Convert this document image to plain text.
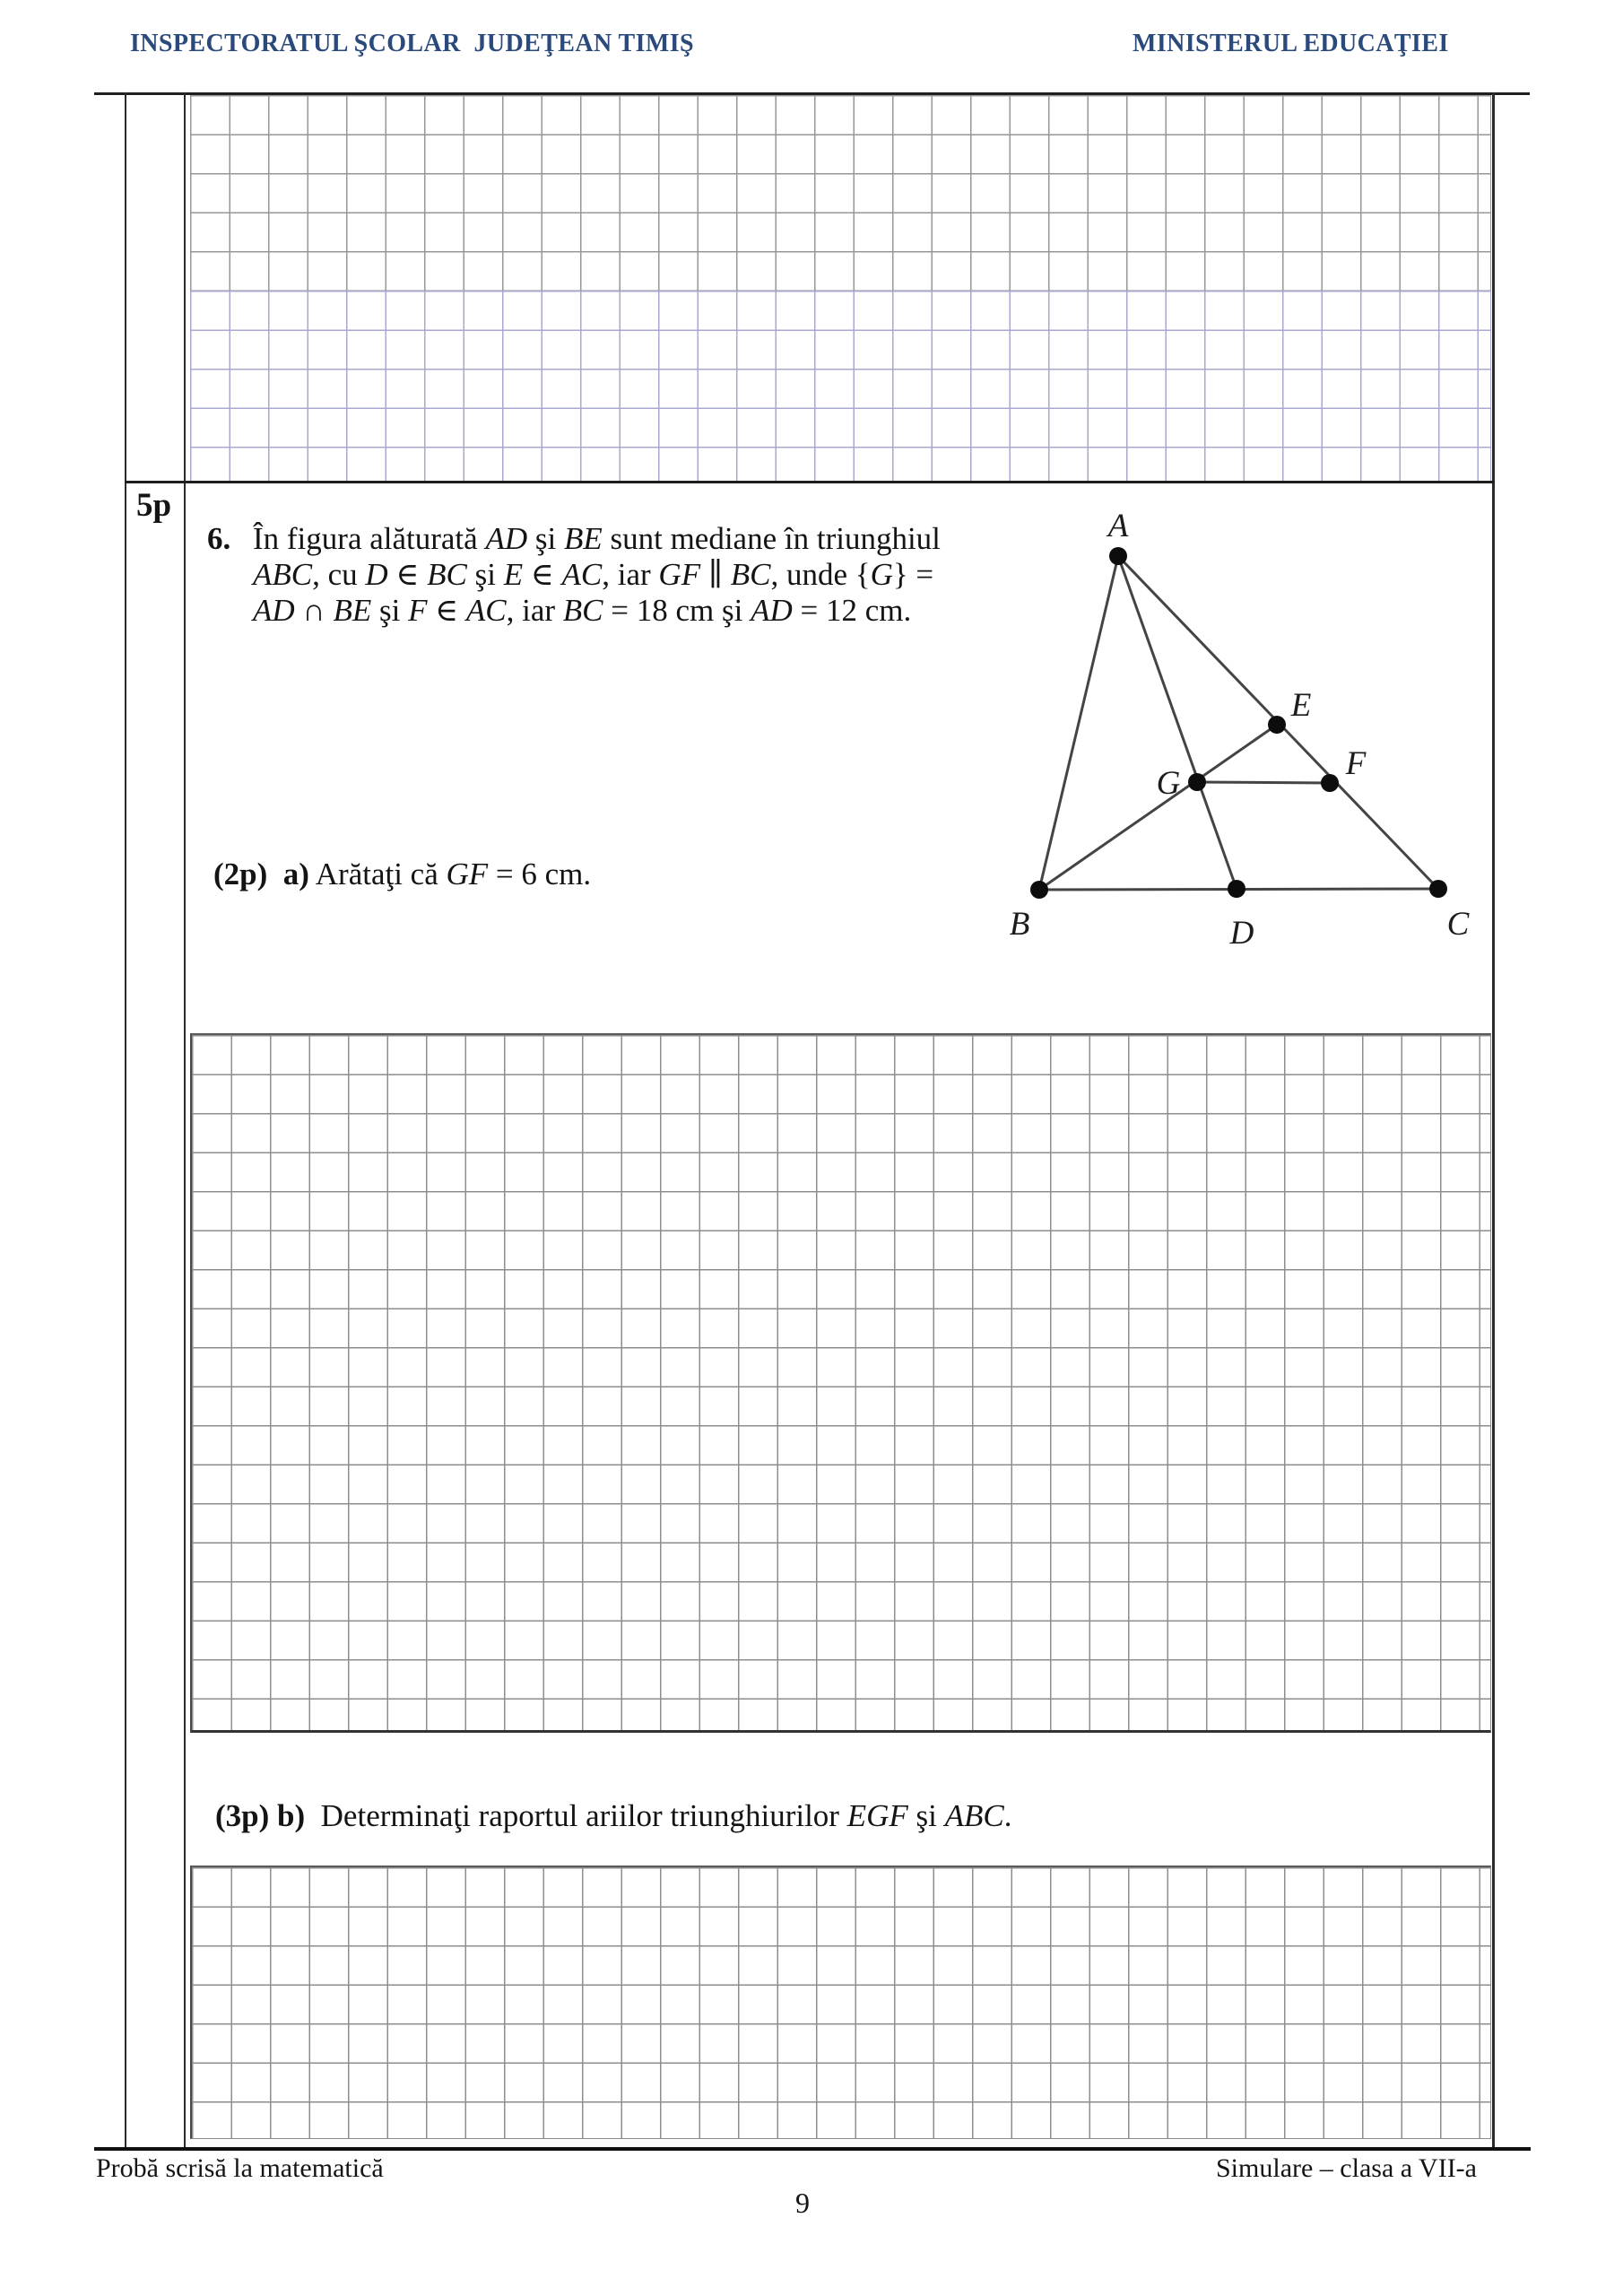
INSPECTORATUL ŞCOLAR  JUDEŢEAN TIMIŞ	MINISTERUL EDUCAŢIEI
5p
6. În figura alăturată AD şi BE sunt mediane în triunghiul
ABC, cu D ∈ BC şi E ∈ AC, iar GF ∥ BC, unde {G} =
AD ∩ BE şi F ∈ AC, iar BC = 18 cm şi AD = 12 cm.
(2p) a) Arătaţi că GF = 6 cm.
A
B	C
D
E
F
G
(3p) b)  Determinaţi raportul ariilor triunghiurilor EGF şi ABC.
Probă scrisă la matematică	Simulare – clasa a VII-a
9
